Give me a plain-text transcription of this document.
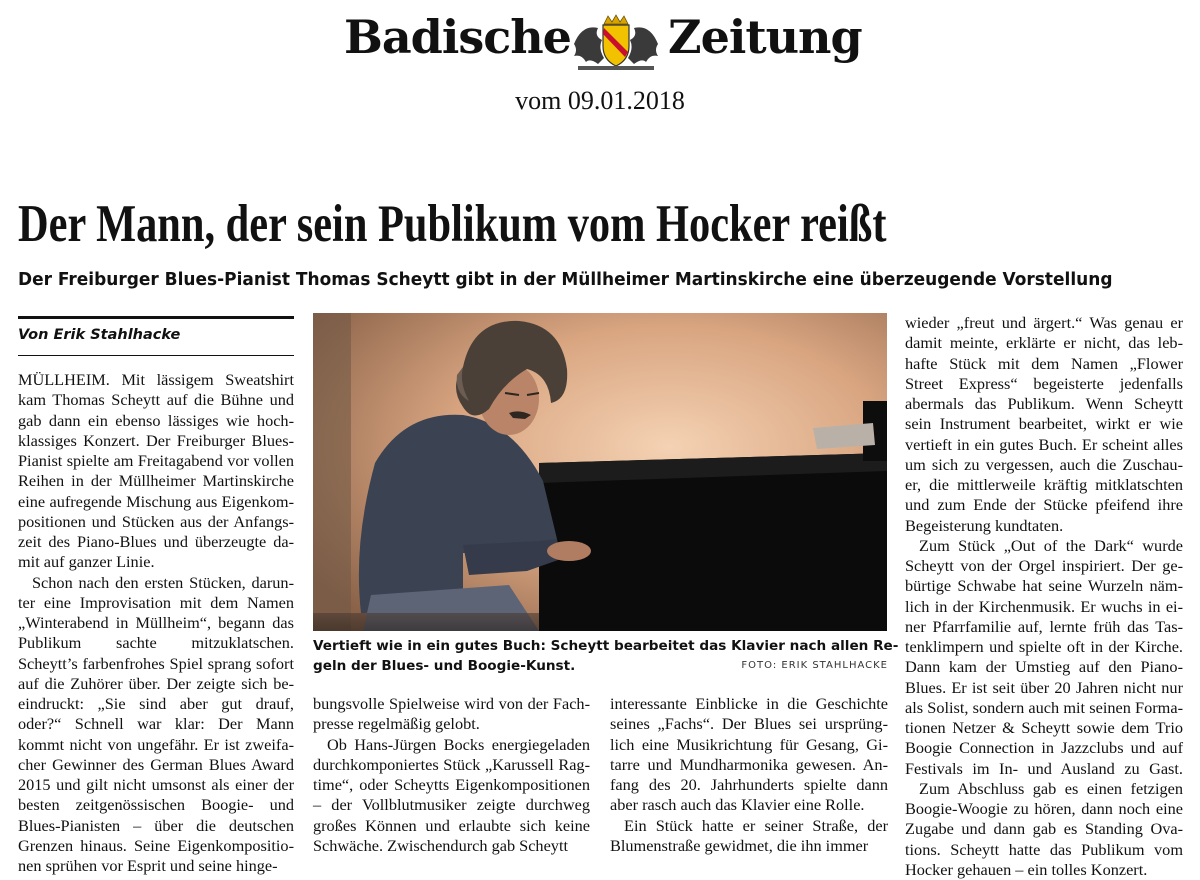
Badische Zeitung
vom 09.01.2018
Der Mann, der sein Publikum vom Hocker reißt
Der Freiburger Blues-Pianist Thomas Scheytt gibt in der Müllheimer Martinskirche eine überzeugende Vorstellung
Von Erik Stahlhacke
MÜLLHEIM. Mit lässigem Sweatshirt
kam Thomas Scheytt auf die Bühne und
gab dann ein ebenso lässiges wie hoch-
klassiges Konzert. Der Freiburger Blues-
Pianist spielte am Freitagabend vor vollen
Reihen in der Müllheimer Martinskirche
eine aufregende Mischung aus Eigenkom-
positionen und Stücken aus der Anfangs-
zeit des Piano-Blues und überzeugte da-
mit auf ganzer Linie.
Schon nach den ersten Stücken, darun-
ter eine Improvisation mit dem Namen
„Winterabend in Müllheim“, begann das
Publikum sachte mitzuklatschen.
Scheytt’s farbenfrohes Spiel sprang sofort
auf die Zuhörer über. Der zeigte sich be-
eindruckt: „Sie sind aber gut drauf,
oder?“ Schnell war klar: Der Mann
kommt nicht von ungefähr. Er ist zweifa-
cher Gewinner des German Blues Award
2015 und gilt nicht umsonst als einer der
besten zeitgenössischen Boogie- und
Blues-Pianisten – über die deutschen
Grenzen hinaus. Seine Eigenkompositio-
nen sprühen vor Esprit und seine hinge-
Vertieft wie in ein gutes Buch: Scheytt bearbeitet das Klavier nach allen Re-
geln der Blues- und Boogie-Kunst.	FOTO: ERIK STAHLHACKE
bungsvolle Spielweise wird von der Fach-
presse regelmäßig gelobt.
Ob Hans-Jürgen Bocks energiegeladen
durchkomponiertes Stück „Karussell Rag-
time“, oder Scheytts Eigenkompositionen
– der Vollblutmusiker zeigte durchweg
großes Können und erlaubte sich keine
Schwäche. Zwischendurch gab Scheytt
interessante Einblicke in die Geschichte
seines „Fachs“. Der Blues sei ursprüng-
lich eine Musikrichtung für Gesang, Gi-
tarre und Mundharmonika gewesen. An-
fang des 20. Jahrhunderts spielte dann
aber rasch auch das Klavier eine Rolle.
Ein Stück hatte er seiner Straße, der
Blumenstraße gewidmet, die ihn immer
wieder „freut und ärgert.“ Was genau er
damit meinte, erklärte er nicht, das leb-
hafte Stück mit dem Namen „Flower
Street Express“ begeisterte jedenfalls
abermals das Publikum. Wenn Scheytt
sein Instrument bearbeitet, wirkt er wie
vertieft in ein gutes Buch. Er scheint alles
um sich zu vergessen, auch die Zuschau-
er, die mittlerweile kräftig mitklatschten
und zum Ende der Stücke pfeifend ihre
Begeisterung kundtaten.
Zum Stück „Out of the Dark“ wurde
Scheytt von der Orgel inspiriert. Der ge-
bürtige Schwabe hat seine Wurzeln näm-
lich in der Kirchenmusik. Er wuchs in ei-
ner Pfarrfamilie auf, lernte früh das Tas-
tenklimpern und spielte oft in der Kirche.
Dann kam der Umstieg auf den Piano-
Blues. Er ist seit über 20 Jahren nicht nur
als Solist, sondern auch mit seinen Forma-
tionen Netzer & Scheytt sowie dem Trio
Boogie Connection in Jazzclubs und auf
Festivals im In- und Ausland zu Gast.
Zum Abschluss gab es einen fetzigen
Boogie-Woogie zu hören, dann noch eine
Zugabe und dann gab es Standing Ova-
tions. Scheytt hatte das Publikum vom
Hocker gehauen – ein tolles Konzert.
